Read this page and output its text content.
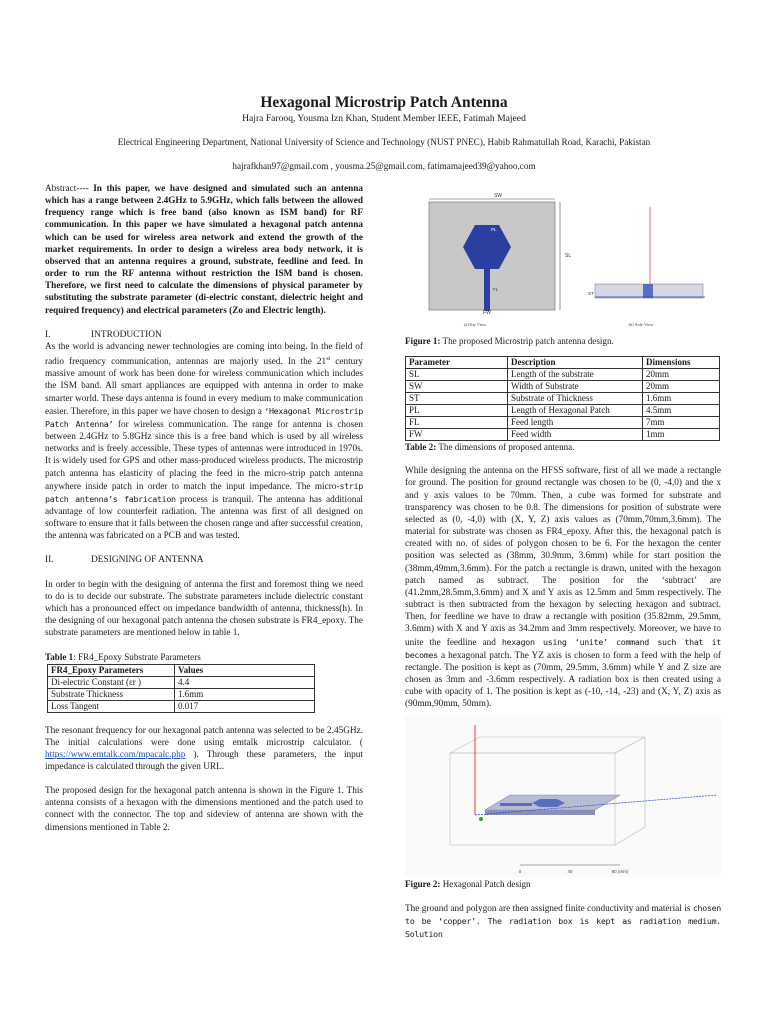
Hexagonal Microstrip Patch Antenna
Hajra Farooq, Yousma Izn Khan, Student Member IEEE, Fatimah Majeed
Electrical Engineering Department, National University of Science and Technology (NUST PNEC), Habib Rahmatullah Road, Karachi, Pakistan
hajrafkhan97@gmail.com , yousma.25@gmail.com, fatimamajeed39@yahoo.com

Abstract---- In this paper, we have designed and simulated such an antenna which has a range between 2.4GHz to 5.9GHz, which falls between the allowed frequency range which is free band (also known as ISM band) for RF communication. In this paper we have simulated a hexagonal patch antenna which can be used for wireless area network and extend the growth of the market requirements. In order to design a wireless area body network, it is observed that an antenna requires a ground, substrate, feedline and feed. In order to run the RF antenna without restriction the ISM band is chosen. Therefore, we first need to calculate the dimensions of physical parameter by substituting the substrate parameter (di-electric constant, dielectric height and required frequency) and electrical parameters (Zo and Electric length).

I.	INTRODUCTION

As the world is advancing newer technologies are coming into being. In the field of radio frequency communication, antennas are majorly used. In the 21st century massive amount of work has been done for wireless communication which includes the ISM band. All smart appliances are equipped with antenna in order to make smarter world. These days antenna is found in every medium to make communication easier. Therefore, in this paper we have chosen to design a ‘Hexagonal Microstrip Patch Antenna’ for wireless communication. The range for antenna is chosen between 2.4GHz to 5.8GHz since this is a free band which is used by all wireless networks and is freely accessible. These types of antennas were introduced in 1970s. It is widely used for GPS and other mass-produced wireless products. The microstrip patch antenna has elasticity of placing the feed in the micro-strip patch antenna anywhere inside patch in order to match the input impedance. The micro-strip patch antenna’s fabrication process is tranquil. The antenna has additional advantage of low counterfeit radiation. The antenna was first of all designed on software to ensure that it falls between the chosen range and after successful creation, the antenna was fabricated on a PCB and was tested.

II.	DESIGNING OF ANTENNA

In order to begin with the designing of antenna the first and foremost thing we need to do is to decide our substrate. The substrate parameters include dielectric constant which has a pronounced effect on impedance bandwidth of antenna, thickness(h). In the designing of our hexagonal patch antenna the chosen substrate is FR4_epoxy. The substrate parameters are mentioned below in table 1.

Table 1: FR4_Epoxy Substrate Parameters
FR4_Epoxy Parameters	Values
Di-electric Constant (εr )	4.4
Substrate Thickness	1.6mm
Loss Tangent	0.017

The resonant frequency for our hexagonal patch antenna was selected to be 2.45GHz. The initial calculations were done using emtalk microstrip calculator. ( https://www.emtalk.com/mpacalc.php ). Through these parameters, the input impedance is calculated through the given URL.

The proposed design for the hexagonal patch antenna is shown in the Figure 1. This antenna consists of a hexagon with the dimensions mentioned and the patch used to connect with the connector. The top and sideview of antenna are shown with the dimensions mentioned in Table 2.

SW
SL
PL
FL
FW
(a)Top View
ST
(b) Side View
Figure 1: The proposed Microstrip patch antenna design.
Parameter	Description	Dimensions
SL	Length of the substrate	20mm
SW	Width of Substrate	20mm
ST	Substrate of Thickness	1.6mm
PL	Length of Hexagonal Patch	4.5mm
FL	Feed length	7mm
FW	Feed width	1mm
Table 2: The dimensions of proposed antenna.

While designing the antenna on the HFSS software, first of all we made a rectangle for ground. The position for ground rectangle was chosen to be (0, -4,0) and the x and y axis values to be 70mm. Then, a cube was formed for substrate and transparency was chosen to be 0.8. The dimensions for position of substrate were selected as (0, -4,0) with (X, Y, Z) axis values as (70mm,70mm,3.6mm). The material for substrate was chosen as FR4_epoxy. After this, the hexagonal patch is created with no. of sides of polygon chosen to be 6. For the hexagon the center position was selected as (38mm, 30.9mm, 3.6mm) while for start position the (38mm,49mm,3.6mm). For the patch a rectangle is drawn, united with the hexagon patch named as subtract. The position for the ‘subtract’ are (41.2mm,28.5mm,3.6mm) and X and Y axis as 12.5mm and 5mm respectively. The subtract is then subtracted from the hexagon by selecting hexagon and subtract. Then, for feedline we have to draw a rectangle with position (35.82mm, 29.5mm, 3.6mm) with X and Y axis as 34.2mm and 3mm respectively. Moreover, we have to unite the feedline and hexagon using ‘unite’ command such that it becomes a hexagonal patch. The YZ axis is chosen to form a feed with the help of rectangle. The position is kept as (70mm, 29.5mm, 3.6mm) while Y and Z size are chosen as 3mm and -3.6mm respectively. A radiation box is then created using a cube with opacity of 1. The position is kept as (-10, -14, -23) and (X, Y, Z) axis as (90mm,90mm, 50mm).

0	40	80 (mm)
Figure 2: Hexagonal Patch design

The ground and polygon are then assigned finite conductivity and material is chosen to be ‘copper’. The radiation box is kept as radiation medium. Solution
